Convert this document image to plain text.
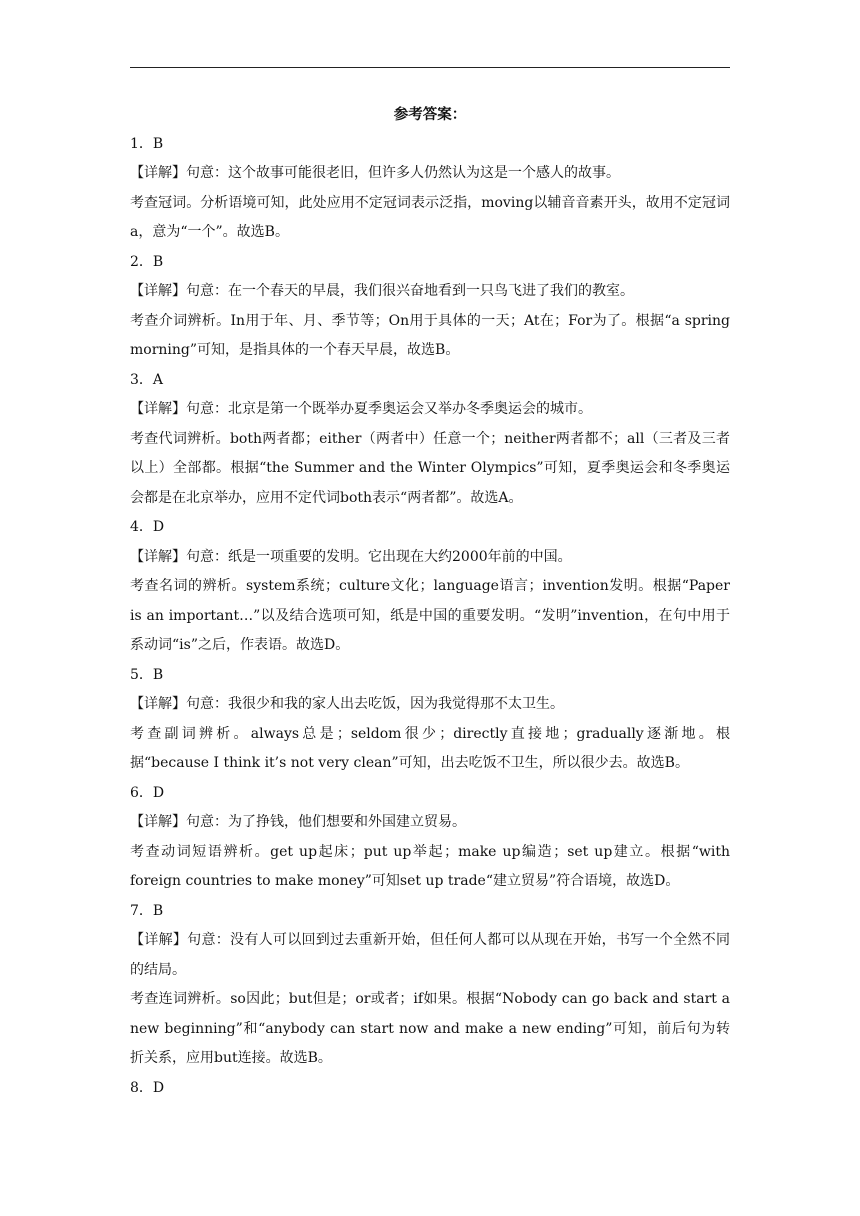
参考答案：

1．B

【详解】句意：这个故事可能很老旧，但许多人仍然认为这是一个感人的故事。

考查冠词。分析语境可知，此处应用不定冠词表示泛指，moving以辅音音素开头，故用不定冠词a，意为“一个”。故选B。

2．B

【详解】句意：在一个春天的早晨，我们很兴奋地看到一只鸟飞进了我们的教室。

考查介词辨析。In用于年、月、季节等；On用于具体的一天；At在；For为了。根据“a spring morning”可知，是指具体的一个春天早晨，故选B。

3．A

【详解】句意：北京是第一个既举办夏季奥运会又举办冬季奥运会的城市。

考查代词辨析。both两者都；either（两者中）任意一个；neither两者都不；all（三者及三者以上）全部都。根据“the Summer and the Winter Olympics”可知，夏季奥运会和冬季奥运会都是在北京举办，应用不定代词both表示“两者都”。故选A。

4．D

【详解】句意：纸是一项重要的发明。它出现在大约2000年前的中国。

考查名词的辨析。system系统；culture文化；language语言；invention发明。根据“Paper is an important…”以及结合选项可知，纸是中国的重要发明。“发明”invention，在句中用于系动词“is”之后，作表语。故选D。

5．B

【详解】句意：我很少和我的家人出去吃饭，因为我觉得那不太卫生。

考查副词辨析。always总是；seldom很少；directly直接地；gradually逐渐地。根据“because I think it’s not very clean”可知，出去吃饭不卫生，所以很少去。故选B。

6．D

【详解】句意：为了挣钱，他们想要和外国建立贸易。

考查动词短语辨析。get up起床；put up举起；make up编造；set up建立。根据“with foreign countries to make money”可知set up trade“建立贸易”符合语境，故选D。

7．B

【详解】句意：没有人可以回到过去重新开始，但任何人都可以从现在开始，书写一个全然不同的结局。

考查连词辨析。so因此；but但是；or或者；if如果。根据“Nobody can go back and start a new beginning”和“anybody can start now and make a new ending”可知，前后句为转折关系，应用but连接。故选B。

8．D
